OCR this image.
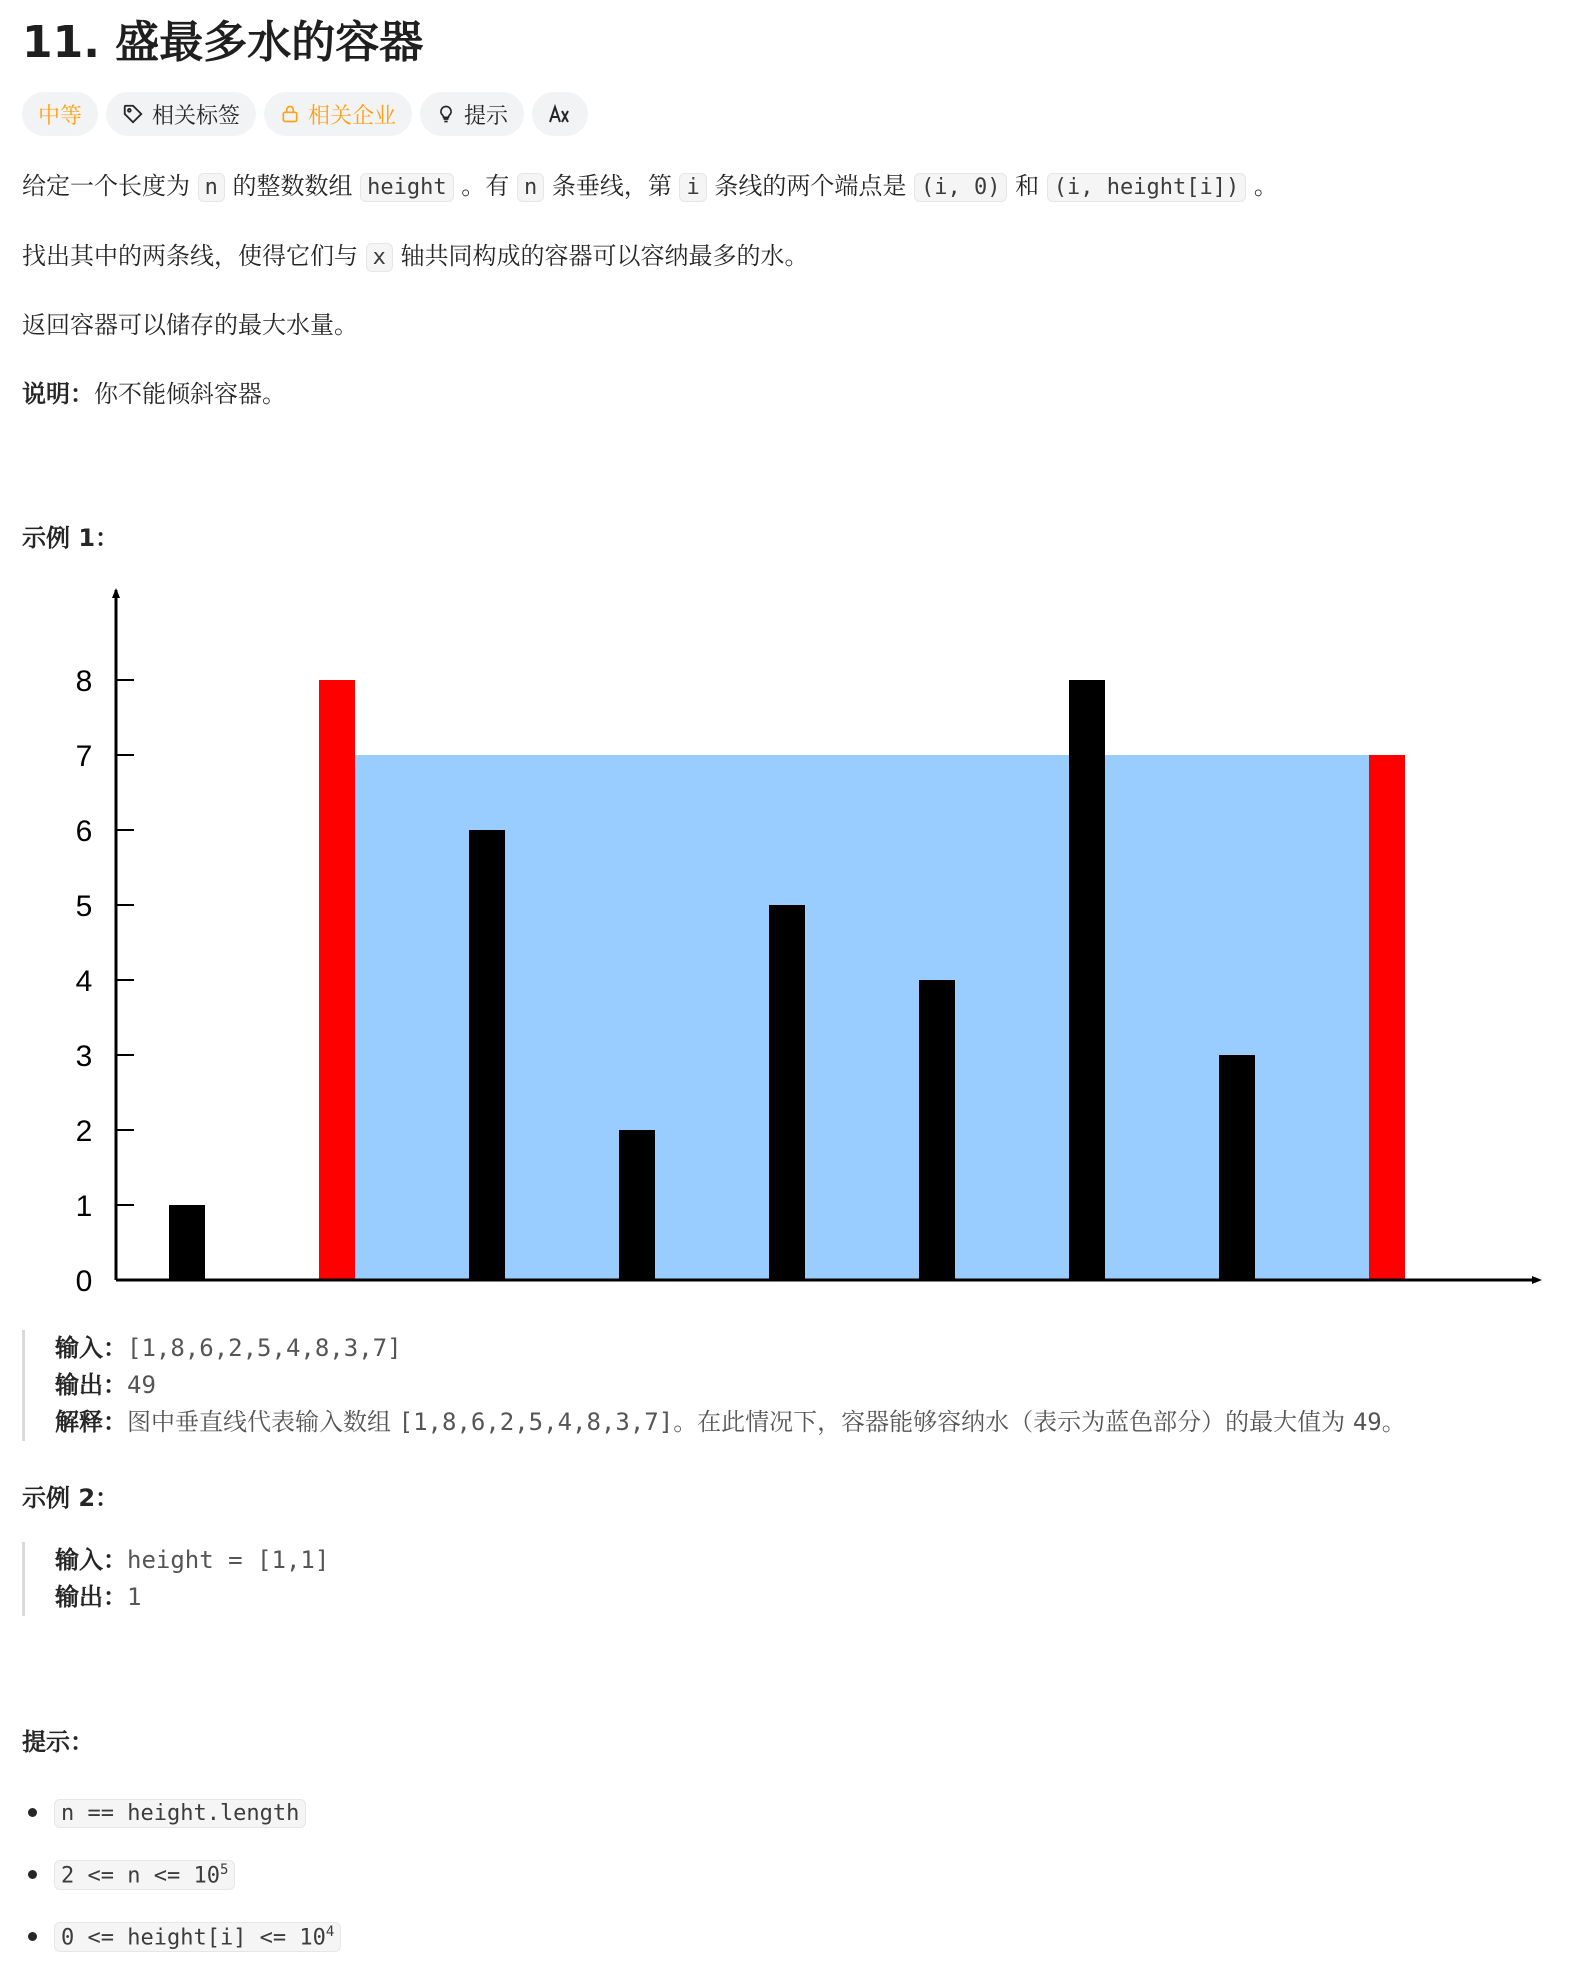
11. 盛最多水的容器
中等	相关标签	相关企业	提示
给定一个长度为 n 的整数数组 height 。有 n 条垂线，第 i 条线的两个端点是 (i, 0) 和 (i, height[i]) 。
找出其中的两条线，使得它们与 x 轴共同构成的容器可以容纳最多的水。
返回容器可以储存的最大水量。
说明：你不能倾斜容器。
示例 1：
0
1
2
3
4
5
6
7
8
输入：[1,8,6,2,5,4,8,3,7]
输出：49
解释：图中垂直线代表输入数组 [1,8,6,2,5,4,8,3,7]。在此情况下，容器能够容纳水（表示为蓝色部分）的最大值为 49。
示例 2：
输入：height = [1,1]
输出：1
提示：
n == height.length
$2 <= n <= 10^5$
0 <= height[i] <= $10^4$
